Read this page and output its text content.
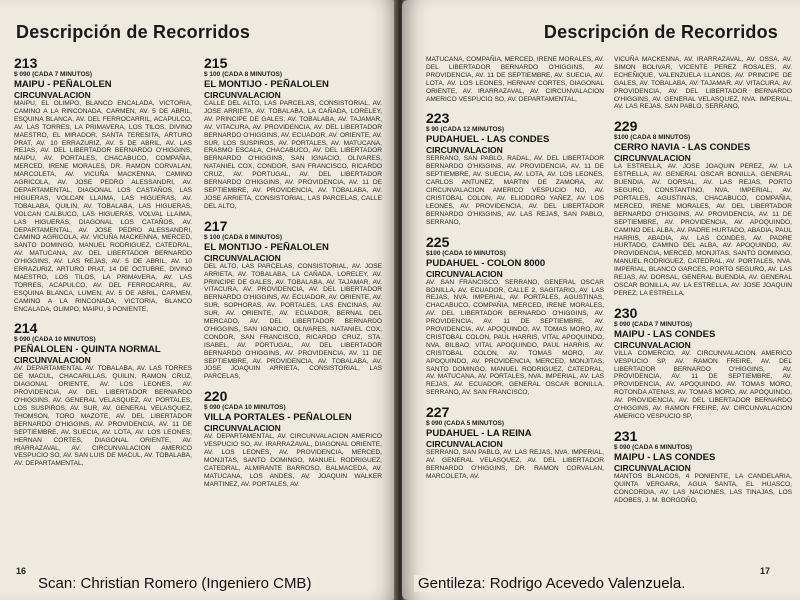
Descripción de Recorridos
213
$ 090 (CADA 7 MINUTOS)
MAIPU - PEÑALOLEN
CIRCUNVALACION
MAIPU, EL OLIMPO, BLANCO ENCALADA, VICTORIA, CAMINO A LA RINCONADA, CARMEN, AV. 5 DE ABRIL, ESQUINA BLANCA, AV. DEL FERROCARRIL, ACAPULCO, AV. LAS TORRES, LA PRIMAVERA, LOS TILOS, DIVINO MAESTRO, EL MIRADOR, SANTA TERESITA, ARTURO PRAT, AV. 10 ERRAZURIZ, AV. 5 DE ABRIL, AV. LAS REJAS, AV. DEL LIBERTADOR BERNARDO O'HIGGINS, MAIPU, AV. PORTALES, CHACABUCO, COMPAÑIA, MERCED, IRENE MORALES, DR. RAMON CORVALAN, MARCOLETA, AV. VICUÑA MACKENNA, CAMINO AGRICOLA, AV. JOSE PEDRO ALESSANDRI, AV. DEPARTAMENTAL, DIAGONAL LOS CASTAÑOS, LAS HIGUERAS, VOLCAN LLAIMA, LAS HIGUERAS, AV. TOBALABA, QUILIN, AV. TOBALABA, LAS HIGUERAS, VOLCAN CALBUCO, LAS HIGUERAS, VOLVAL LLAIMA, LAS HIGUERAS, DIAGONAL LOS CATAÑOS, AV. DEPARTAMENTAL, AV. JOSE PEDRO ALESSANDRI, CAMINO AGRICOLA, AV. VICUÑA MACKENNA, MERCED, SANTO DOMINGO, MANUEL RODRIGUEZ, CATEDRAL, AV. MATUCANA, AV. DEL LIBERTADOR BERNARDO O'HIGGINS, AV. LAS REJAS, AV. 5 DE ABRIL, AV. 10 ERRAZURIZ, ARTURO PRAT, 14 DE OCTUBRE, DIVINO MAESTRO, LOS TILOS, LA PRIMAVERA, AV. LAS TORRES, ACAPULCO, AV. DEL FERROCARRIL, AV. ESQUINA BLANCA, LUMEN, AV. 5 DE ABRIL, CARMEN, CAMINO A LA RINCONADA, VICTORIA, BLANCO ENCALADA, OLIMPO, MAIPU, 3 PONIENTE,
214
$ 090 (CADA 10 MINUTOS)
PEÑALOLEN - QUINTA NORMAL
CIRCUNVALACION
AV. DEPARTAMENTAL AV. TOBALABA, AV. LAS TORRES DE MACUL, CHACARILLAS, QUILIN, RAMON CRUZ, DIAGONAL ORIENTE, AV. LOS LEONES, AV. PROVIDENCIA, AV. DEL LIBERTADOR BERNARDO O'HIGGINS, AV. GENERAL VELASQUEZ, AV. PORTALES, LOS SUSPIROS, AV. SUR, AV. GENERAL VELASQUEZ, THOMSON, TORO MAZOTE, AV. DEL LIBERTADOR BERNARDO O'HIGGINS, AV. PROVIDENCIA, AV. 11 DE SEPTIEMBRE, AV. SUECIA, AV. LOTA, AV. LOS LEONES, HERNAN CORTES, DIAGONAL ORIENTE, AV. IRARRAZAVAL, AV. CIRCUNVALACION AMERICO VESPUCIO SO, AV. SAN LUIS DE MACUL, AV. TOBALABA, AV. DEPARTAMENTAL,
215
$ 100 (CADA 8 MINUTOS)
EL MONTIJO - PEÑALOLEN
CIRCUNVALACION
CALLE DEL ALTO, LAS PARCELAS, CONSISTORIAL, AV. JOSE ARRIETA, AV. TOBALABA, LA CAÑADA, LORELEY, AV. PRINCIPE DE GALES, AV. TOBALABA, AV. TAJAMAR, AV. VITACURA, AV. PROVIDENCIA, AV. DEL LIBERTADOR BERNARDO O'HIGGINS, AV. ECUADOR, AV. ORIENTE, AV. SUR, LOS SUSPIROS, AV. PORTALES, AV. MATUCANA, ERASMO ESCALA, CHACABUCO, AV. DEL LIBERTADOR BERNARDO O'HIGGINS, SAN IGNACIO, OLIVARES, NATANIEL COX, CONDOR, SAN FRANCISCO, RICARDO CRUZ, AV. PORTUGAL, AV. DEL LIBERTADOR BERNARDO O'HIGGINS, AV. PROVIDENCIA, AV. 11 DE SEPTIEMBRE, AV. PROVIDENCIA, AV. TOBALABA, AV. JOSE ARRIETA, CONSISTORIAL, LAS PARCELAS, CALLE DEL ALTO,
217
$ 100 (CADA 8 MINUTOS)
EL MONTIJO - PEÑALOLEN
CIRCUNVALACION
DEL ALTO, LAS PARCELAS, CONSISTORIAL, AV. JOSE ARRIETA, AV. TOBALABA, LA CAÑADA, LORELEY, AV. PRINCIPE DE GALES, AV. TOBALABA, AV. TAJAMAR, AV. VITACURA, AV. PROVIDENCIA, AV. DEL LIBERTADOR BERNARDO O'HIGGINS, AV. ECUADOR, AV. ORIENTE, AV. SUR, SOPHORAS, AV. PORTALES, LAS ENCINAS, AV. SUR, AV. ORIENTE, AV. ECUADOR, BERNAL DEL MERCADO, AV. DEL LIBERTADOR BERNARDO O'HIGGINS, SAN IGNACIO, OLIVARES, NATANIEL COX, CONDOR, SAN FRANCISCO, RICARDO CRUZ, STA. ISABEL, AV. PORTUGAL, AV. DEL LIBERTADOR BERNARDO O'HIGGINS, AV. PROVIDENCIA, AV. 11 DE SEPTIEMBRE, AV. PROVIDENCIA, AV. TOBALABA, AV. JOSE JOAQUIN ARRIETA, CONSISTORIAL, LAS PARCELAS,
220
$ 090 (CADA 10 MINUTOS)
VILLA PORTALES - PEÑALOLEN
CIRCUNVALACION
AV. DEPARTAMENTAL, AV. CIRCUNVALACION AMERICO VESPUCIO SO, AV. IRARRAZAVAL, DIAGONAL ORIENTE, AV. LOS LEONES, AV. PROVIDENCIA, MERCED, MONJITAS, SANTO DOMINGO, MANUEL RODRIGUEZ, CATEDRAL, ALMIRANTE BARROSO, BALMACEDA, AV. MATUCANA, LOS ANDES, AV. JOAQUIN WALKER MARTINEZ, AV. PORTALES, AV.
16
Descripción de Recorridos
MATUCANA, COMPAÑIA, MERCED, IRENE MORALES, AV. DEL LIBERTADOR BERNARDO O'HIGGINS, AV. PROVIDENCIA, AV. 11 DE SEPTIEMBRE, AV. SUECIA, AV. LOTA, AV. LOS LEONES, HERNAN CORTES, DIAGONAL ORIENTE, AV. IRARRAZAVAL, AV. CIRCUNVALACION AMERICO VESPUCIO SO, AV. DEPARTAMENTAL,
223
$ 90 (CADA 12 MINUTOS)
PUDAHUEL - LAS CONDES
CIRCUNVALACION
SERRANO, SAN PABLO, RADAL, AV. DEL LIBERTADOR BERNARDO O'HIGGINS, AV. PROVIDENCIA, AV. 11 DE SEPTIEMBRE, AV. SUECIA, AV. LOTA, AV. LOS LEONES, CARLOS ANTUNEZ, MARTIN DE ZAMORA, AV. CIRCUNVALACION AMERICO VESPUCIO NO, AV. CRISTOBAL COLON, AV. ELIODORO YAÑEZ, AV. LOS LEONES, AV. PROVIDENCIA, AV. DEL LIBERTADOR BERNARDO O'HIGGINS, AV. LAS REJAS, SAN PABLO, SERRANO,
225
$100 (CADA 10 MINUTOS)
PUDAHUEL - COLON 8000
CIRCUNVALACION
AV. SAN FRANCISCO, SERRANO, GENERAL OSCAR BONILLA, AV. ECUADOR, CALLE 2, SAGITARIO, AV. LAS REJAS, NVA. IMPERIAL, AV. PORTALES, AGUSTINAS, CHACABUCO, COMPAÑIA, MERCED, IRENE MORALES, AV. DEL LIBERTADOR BERNARDO O'HIGGINS, AV. PROVIDENCIA, AV. 11 DE SEPTIEMBRE, AV. PROVIDENCIA, AV. APOQUINDO, AV. TOMAS MORO, AV. CRISTOBAL COLON, PAUL HARRIS, VITAL APOQUINDO, NVA. BILBAO, VITAL APOQUINDO, PAUL HARRIS, AV. CRISTOBAL COLON, AV. TOMAS MORO, AV. APOQUINDO, AV. PROVIDENCIA, MERCED, MONJITAS, SANTO DOMINGO, MANUEL RODRIGUEZ, CATEDRAL, AV. MATUCANA, AV. PORTALES, NVA. IMPERIAL, AV. LAS REJAS, AV. ECUADOR, GENERAL OSCAR BONILLA, SERRANO, AV. SAN FRANCISCO,
227
$ 090 (CADA 5 MINUTOS)
PUDAHUEL - LA REINA
CIRCUNVALACION
SERRANO, SAN PABLO, AV. LAS REJAS, NVA. IMPERIAL, AV. GENERAL VELASQUEZ, AV. DEL LIBERTADOR BERNARDO O'HIGGINS, DR. RAMON CORVALAN, MARCOLETA, AV.
VICUÑA MACKENNA, AV. IRARRAZAVAL, AV. OSSA, AV. SIMON BOLIVAR, VICENTE PEREZ ROSALES, AV. ECHEÑIQUE, VALENZUELA LLANOS, AV. PRINCIPE DE GALES, AV. TOBALABA, AV. TAJAMAR, AV. VITACURA, AV. PROVIDENCIA, AV. DEL LIBERTADOR BERNARDO O'HIGGINS, AV. GENERAL VELASQUEZ, NVA. IMPERIAL, AV. LAS REJAS, SAN PABLO, SERRANO,
229
$100 (CADA 8 MINUTOS)
CERRO NAVIA - LAS CONDES
CIRCUNVALACION
LA ESTRELLA, AV. JOSE JOAQUIN PEREZ, AV. LA ESTRELLA, AV. GENERAL OSCAR BONILLA, GENERAL BUENDIA, AV. DORSAL, AV. LAS REJAS, PORTO SEGURO, CONSTANTINO, NVA. IMPERIAL, AV. PORTALES, AGUSTINAS, CHACABUCO, COMPAÑIA, MERCED, IRENE MORALES, AV. DEL LIBERTADOR BERNARDO O'HIGGINS, AV. PROVIDENCIA, AV. 11 DE SEPTIEMBRE, AV. PROVIDENCIA, AV. APOQUINDO, CAMINO DEL ALBA, AV. PADRE HURTADO, ABADIA, PAUL HARRIS, ABADIA, AV. LAS CONDES, AV. PADRE HURTADO, CAMINO DEL ALBA, AV. APOQUINDO, AV. PROVIDENCIA, MERCED, MONJITAS, SANTO DOMINGO, MANUEL RODRIGUEZ, CATEDRAL, AV. PORTALES, NVA. IMPERIAL, BLANCO GARCES, PORTO SEGURO, AV. LAS REJAS, AV. DORSAL, GENERAL BUENDIA, AV. GENERAL OSCAR BONILLA, AV. LA ESTRELLA, AV. JOSE JOAQUIN PEREZ, LA ESTRELLA,
230
$ 090 (CADA 7 MINUTOS)
MAIPU - LAS CONDES
CIRCUNVALACION
VILLA COMERCIO, AV. CIRCUNVALACION AMERICO VESPUCIO SP, AV. RAMON FREIRE, AV. DEL LIBERTADOR BERNARDO O'HIGGINS, AV. PROVIDENCIA, AV. 11 DE SEPTIEMBRE, AV. PROVIDENCIA, AV. APOQUINDO, AV. TOMAS MORO, ROTONDA ATENAS, AV. TOMAS MORO, AV. APOQUINDO, AV. PROVIDENCIA, AV. DEL LIBERTADOR BERNARDO O'HIGGINS, AV. RAMON FREIRE, AV. CIRCUNVALACION AMERICO VESPUCIO SP,
231
$ 090 (CADA 6 MINUTOS)
MAIPU - LAS CONDES
CIRCUNVALACION
MANTOS BLANCOS, 4 PONIENTE, LA CANDELARIA, QUINTA VERGARA, AGUA SANTA, EL HUASCO, CONCORDIA, AV. LAS NACIONES, LAS TINAJAS, LOS ADOBES, J. M. BORGOÑO,
17
Scan: Christian Romero (Ingeniero CMB)	Gentileza: Rodrigo Acevedo Valenzuela.
